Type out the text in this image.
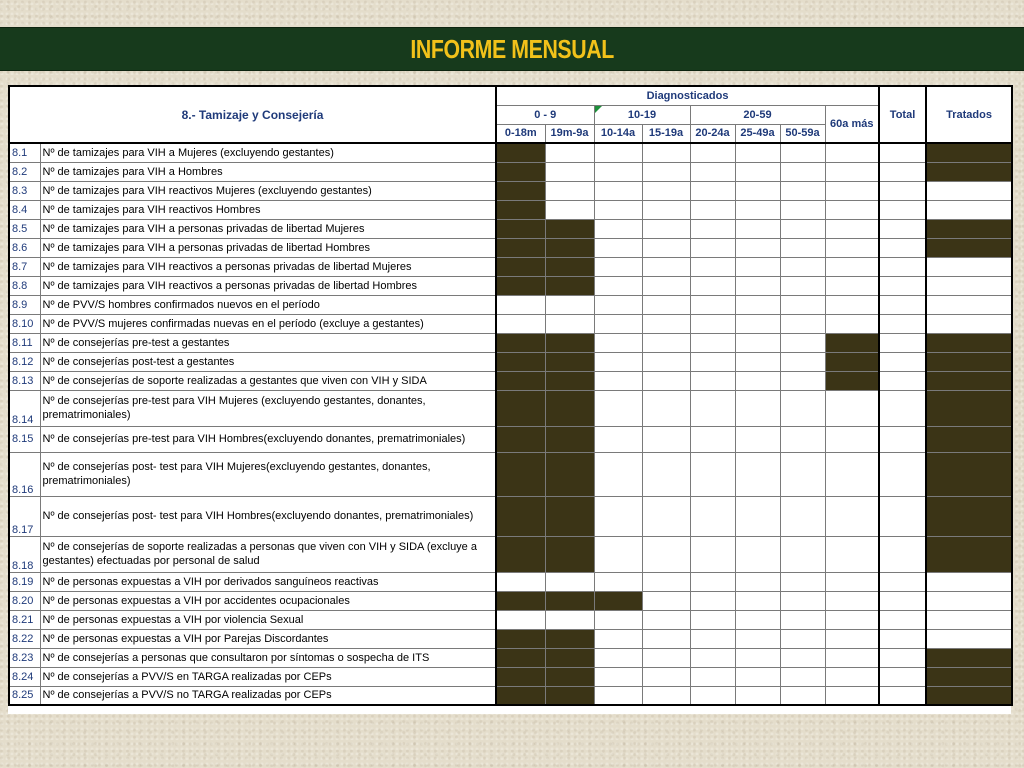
INFORME MENSUAL
8.- Tamizaje y Consejería		Diagnosticados								Total	Tratados
		0 - 9		10-19		20-59			60a más		
		0-18m	19m-9a	10-14a	15-19a	20-24a	25-49a	50-59a			
8.1	Nº de tamizajes para VIH a Mujeres (excluyendo gestantes)										
8.2	Nº de tamizajes para VIH a Hombres										
8.3	Nº de tamizajes para VIH reactivos Mujeres (excluyendo gestantes)										
8.4	Nº de tamizajes para VIH reactivos Hombres										
8.5	Nº de tamizajes para VIH a personas privadas de libertad Mujeres										
8.6	Nº de tamizajes para VIH a personas privadas de libertad Hombres										
8.7	Nº de tamizajes para VIH reactivos a personas privadas de libertad Mujeres										
8.8	Nº de tamizajes para VIH reactivos a personas privadas de libertad Hombres										
8.9	Nº de PVV/S hombres confirmados nuevos en el período										
8.10	Nº de PVV/S mujeres confirmadas nuevas en el período (excluye a gestantes)										
8.11	Nº de consejerías pre-test a gestantes										
8.12	Nº de consejerías post-test a gestantes										
8.13	Nº de consejerías de soporte realizadas a gestantes que viven con VIH y SIDA										
8.14	Nº de consejerías pre-test para VIH Mujeres (excluyendo gestantes, donantes, prematrimoniales)										
8.15	Nº de consejerías pre-test para VIH Hombres(excluyendo donantes, prematrimoniales)										
8.16	Nº de consejerías post- test para VIH Mujeres(excluyendo gestantes, donantes, prematrimoniales)										
8.17	Nº de consejerías post- test para VIH Hombres(excluyendo donantes, prematrimoniales)										
8.18	Nº de consejerías de soporte realizadas a personas que viven con VIH y SIDA (excluye a gestantes) efectuadas por personal de salud										
8.19	Nº de personas expuestas a VIH por derivados sanguíneos reactivas										
8.20	Nº de personas expuestas a VIH por accidentes ocupacionales										
8.21	Nº de personas expuestas a VIH por violencia Sexual										
8.22	Nº de personas expuestas a VIH por Parejas Discordantes										
8.23	Nº de consejerías a personas que consultaron por síntomas o sospecha de ITS										
8.24	Nº de consejerías a PVV/S en TARGA realizadas por CEPs										
8.25	Nº de consejerías a PVV/S no TARGA realizadas por CEPs										
